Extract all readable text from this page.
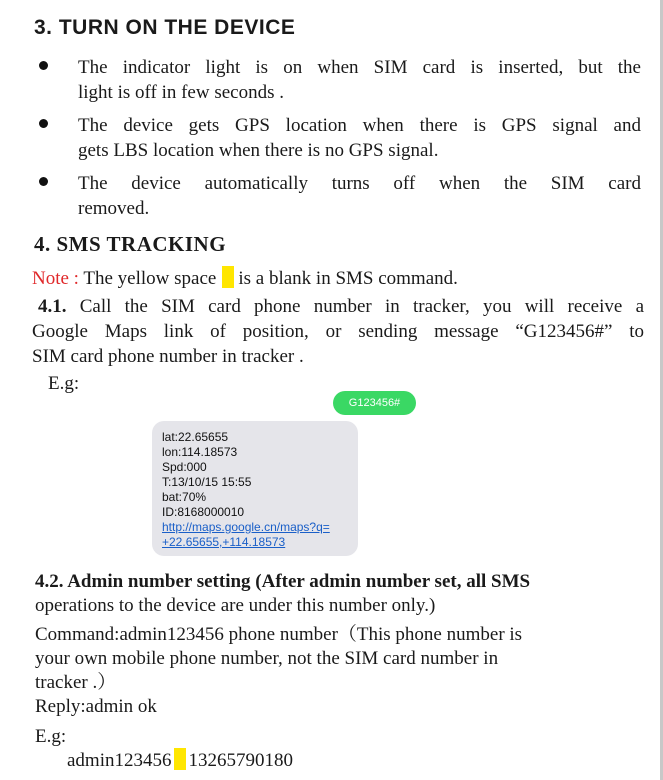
3. TURN ON THE DEVICE
The indicator light is on when SIM card is inserted, but the
light is off in few seconds .
The device gets GPS location when there is GPS signal and
gets LBS location when there is no GPS signal.
The device automatically turns off when the SIM card
removed.
4. SMS TRACKING
Note : The yellow space is a blank in SMS command.
4.1. Call the SIM card phone number in tracker, you will receive a
Google Maps link of position, or sending message “G123456#” to
SIM card phone number in tracker .
E.g:
G123456#
lat:22.65655
lon:114.18573
Spd:000
T:13/10/15 15:55
bat:70%
ID:8168000010
http://maps.google.cn/maps?q=
+22.65655,+114.18573
4.2. Admin number setting (After admin number set, all SMS
operations to the device are under this number only.)
Command:admin123456 phone number（This phone number is
your own mobile phone number, not the SIM card number in
tracker .）
Reply:admin ok
E.g:
admin123456 13265790180
